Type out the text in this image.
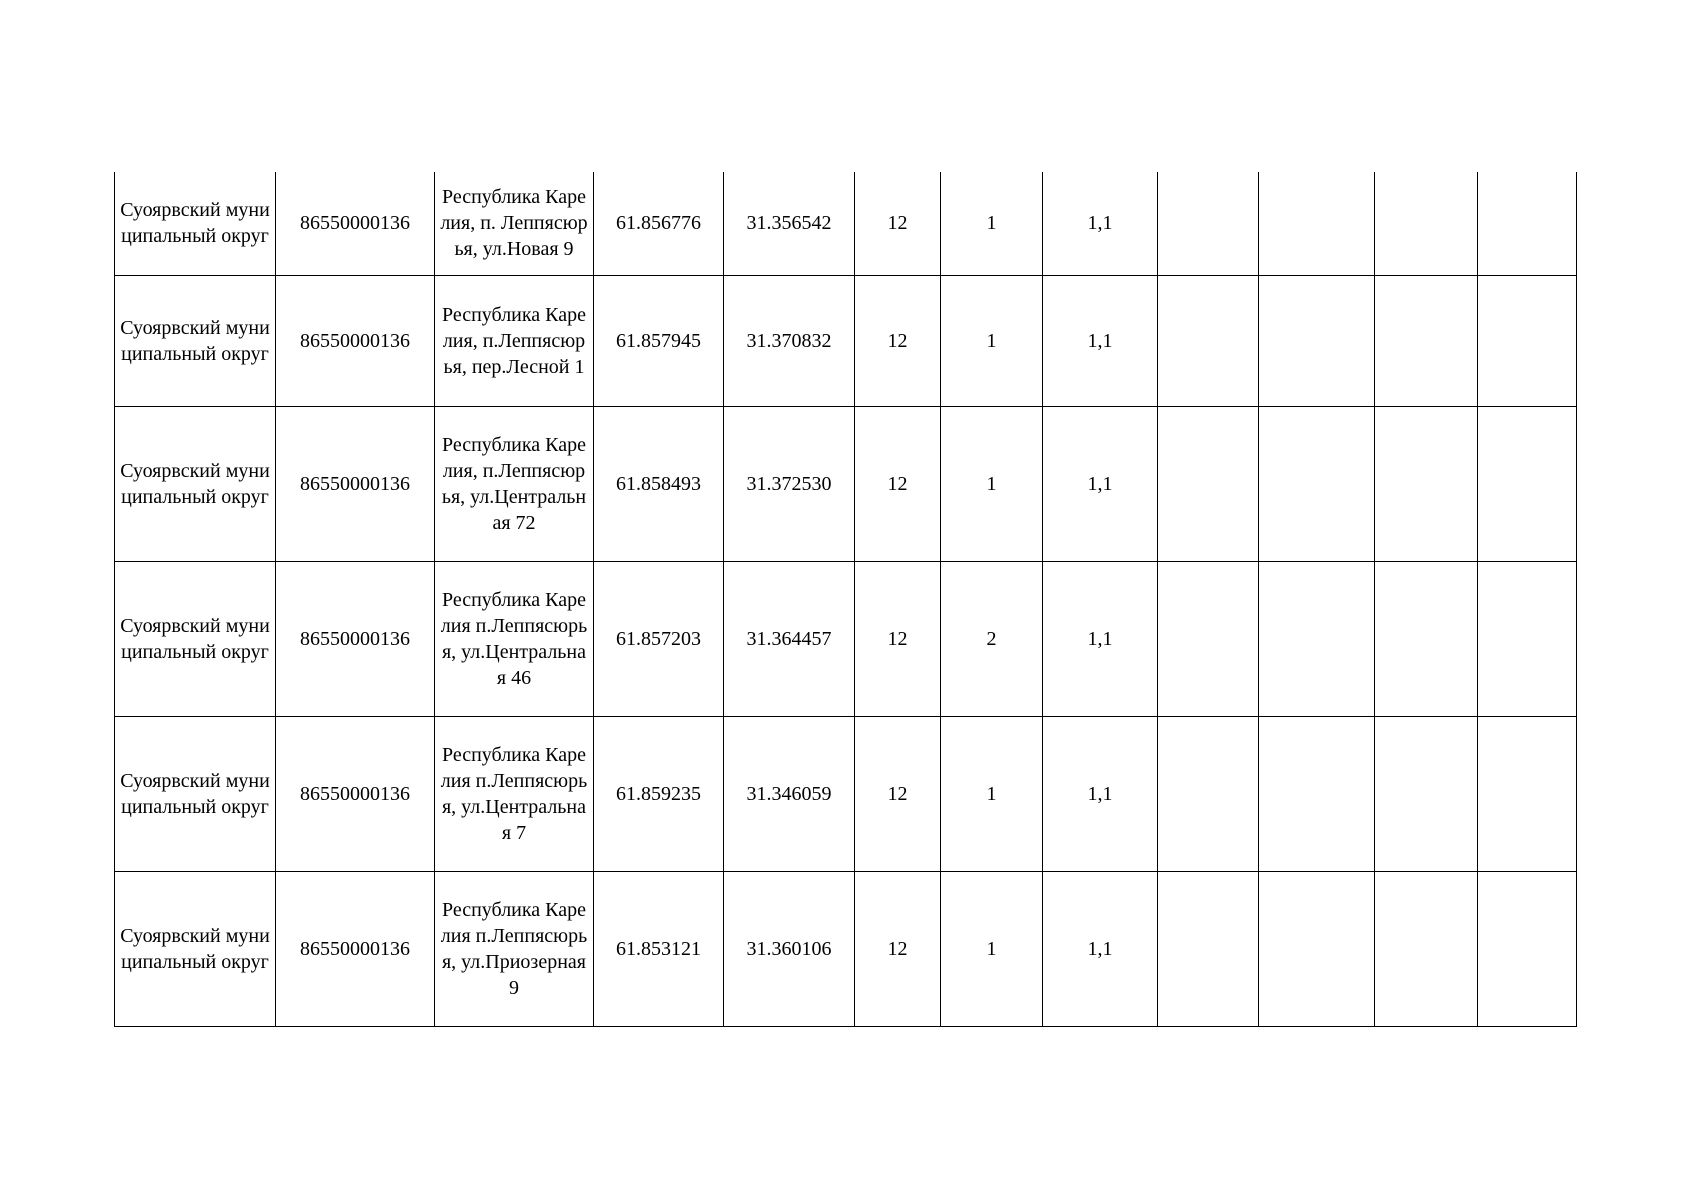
Суоярвский муниципальный округ	86550000136	Республика Карелия, п. Леппясюрья, ул.Новая 9	61.856776	31.356542	12	1	1,1				
Суоярвский муниципальный округ	86550000136	Республика Карелия, п.Леппясюрья, пер.Лесной 1	61.857945	31.370832	12	1	1,1				
Суоярвский муниципальный округ	86550000136	Республика Карелия, п.Леппясюрья, ул.Центральная 72	61.858493	31.372530	12	1	1,1				
Суоярвский муниципальный округ	86550000136	Республика Карелия п.Леппясюрья, ул.Центральная 46	61.857203	31.364457	12	2	1,1				
Суоярвский муниципальный округ	86550000136	Республика Карелия п.Леппясюрья, ул.Центральная 7	61.859235	31.346059	12	1	1,1				
Суоярвский муниципальный округ	86550000136	Республика Карелия п.Леппясюрья, ул.Приозерная 9	61.853121	31.360106	12	1	1,1				
